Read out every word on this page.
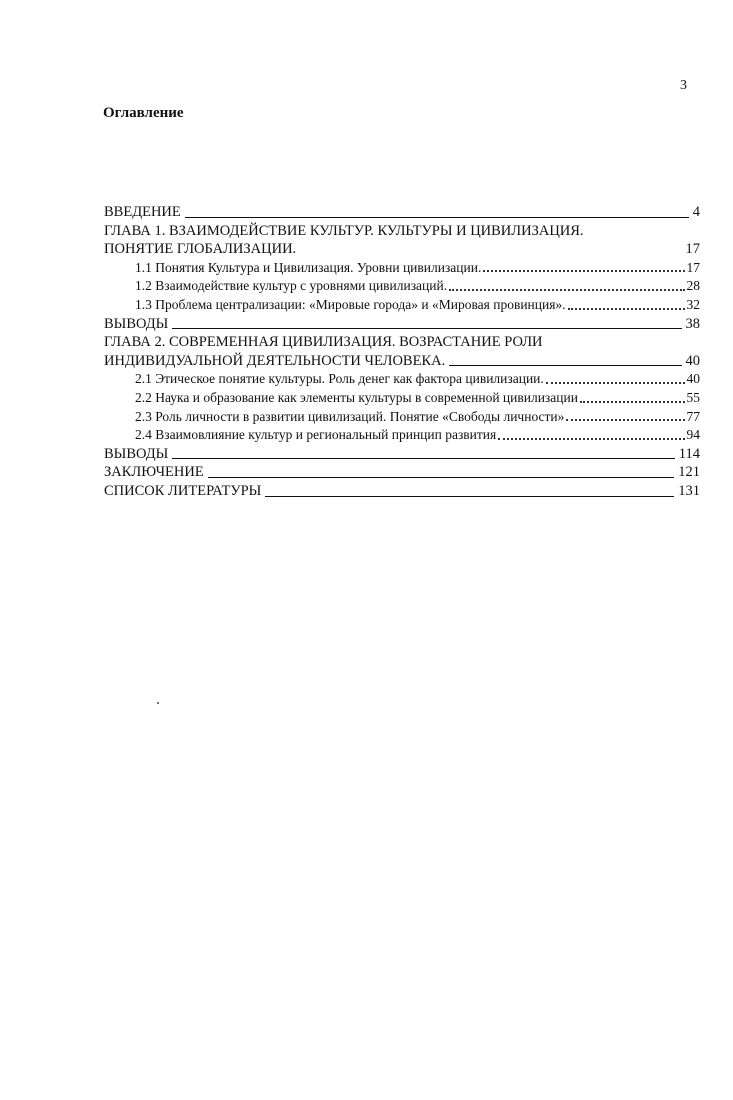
3
Оглавление
ВВЕДЕНИЕ	4
ГЛАВА 1. ВЗАИМОДЕЙСТВИЕ КУЛЬТУР. КУЛЬТУРЫ И ЦИВИЛИЗАЦИЯ.
ПОНЯТИЕ ГЛОБАЛИЗАЦИИ.	17
1.1 Понятия Культура и Цивилизация. Уровни цивилизации.	17
1.2 Взаимодействие культур с уровнями цивилизаций.	28
1.3 Проблема централизации: «Мировые города» и «Мировая провинция».	32
ВЫВОДЫ	38
ГЛАВА 2. СОВРЕМЕННАЯ ЦИВИЛИЗАЦИЯ. ВОЗРАСТАНИЕ РОЛИ
ИНДИВИДУАЛЬНОЙ ДЕЯТЕЛЬНОСТИ ЧЕЛОВЕКА.	40
2.1 Этическое понятие культуры. Роль денег как фактора цивилизации.	40
2.2 Наука и образование как элементы культуры в современной цивилизации	55
2.3 Роль личности в развитии цивилизаций. Понятие «Свободы личности»	77
2.4 Взаимовлияние культур и региональный принцип развития	94
ВЫВОДЫ	114
ЗАКЛЮЧЕНИЕ	121
СПИСОК ЛИТЕРАТУРЫ	131
